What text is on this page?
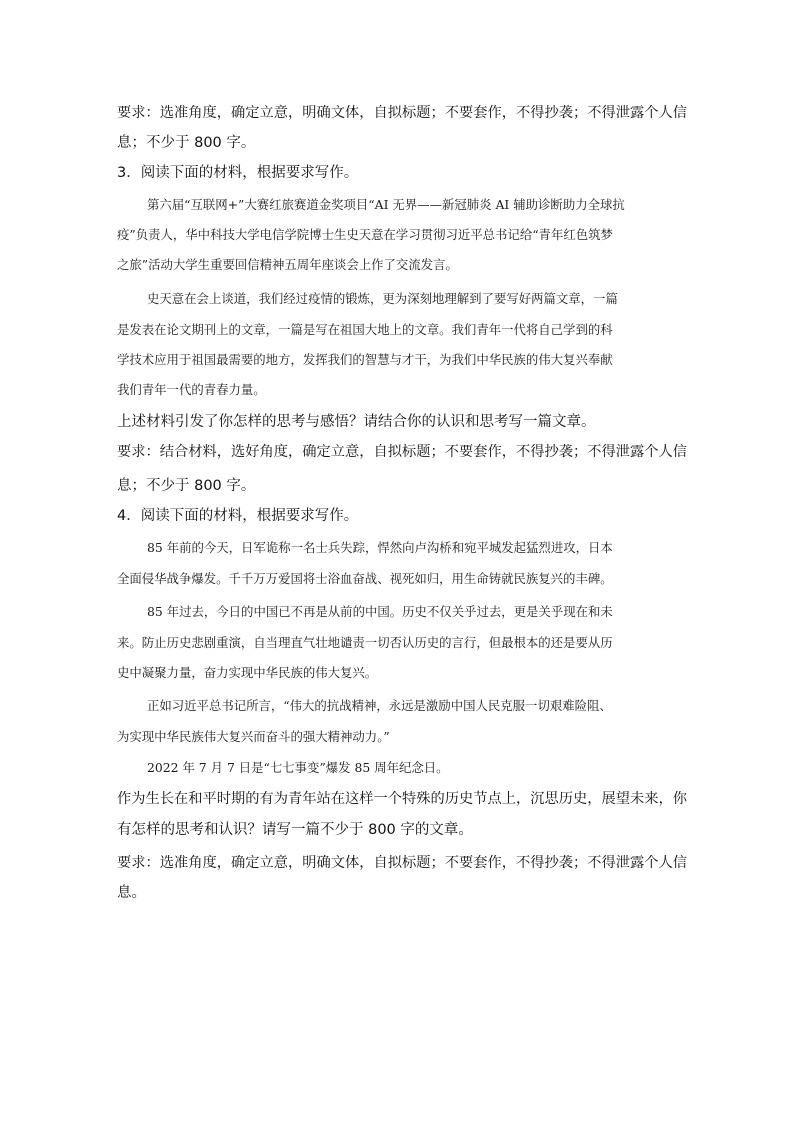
要求：选准角度，确定立意，明确文体，自拟标题；不要套作，不得抄袭；不得泄露个人信
息；不少于 800 字。
3．阅读下面的材料，根据要求写作。
第六届“互联网+”大赛红旅赛道金奖项目“AI 无界——新冠肺炎 AI 辅助诊断助力全球抗
疫”负责人，华中科技大学电信学院博士生史天意在学习贯彻习近平总书记给“青年红色筑梦
之旅”活动大学生重要回信精神五周年座谈会上作了交流发言。
史天意在会上谈道，我们经过疫情的锻炼，更为深刻地理解到了要写好两篇文章，一篇
是发表在论文期刊上的文章，一篇是写在祖国大地上的文章。我们青年一代将自己学到的科
学技术应用于祖国最需要的地方，发挥我们的智慧与才干，为我们中华民族的伟大复兴奉献
我们青年一代的青春力量。
上述材料引发了你怎样的思考与感悟？请结合你的认识和思考写一篇文章。
要求：结合材料，选好角度，确定立意，自拟标题；不要套作，不得抄袭；不得泄露个人信
息；不少于 800 字。
4．阅读下面的材料，根据要求写作。
85 年前的今天，日军诡称一名士兵失踪，悍然向卢沟桥和宛平城发起猛烈进攻，日本
全面侵华战争爆发。千千万万爱国将士浴血奋战、视死如归，用生命铸就民族复兴的丰碑。
85 年过去，今日的中国已不再是从前的中国。历史不仅关乎过去，更是关乎现在和未
来。防止历史悲剧重演，自当理直气壮地谴责一切否认历史的言行，但最根本的还是要从历
史中凝聚力量，奋力实现中华民族的伟大复兴。
正如习近平总书记所言，“伟大的抗战精神，永远是激励中国人民克服一切艰难险阻、
为实现中华民族伟大复兴而奋斗的强大精神动力。”
2022 年 7 月 7 日是“七七事变”爆发 85 周年纪念日。
作为生长在和平时期的有为青年站在这样一个特殊的历史节点上，沉思历史，展望未来，你
有怎样的思考和认识？请写一篇不少于 800 字的文章。
要求：选准角度，确定立意，明确文体，自拟标题；不要套作，不得抄袭；不得泄露个人信
息。
